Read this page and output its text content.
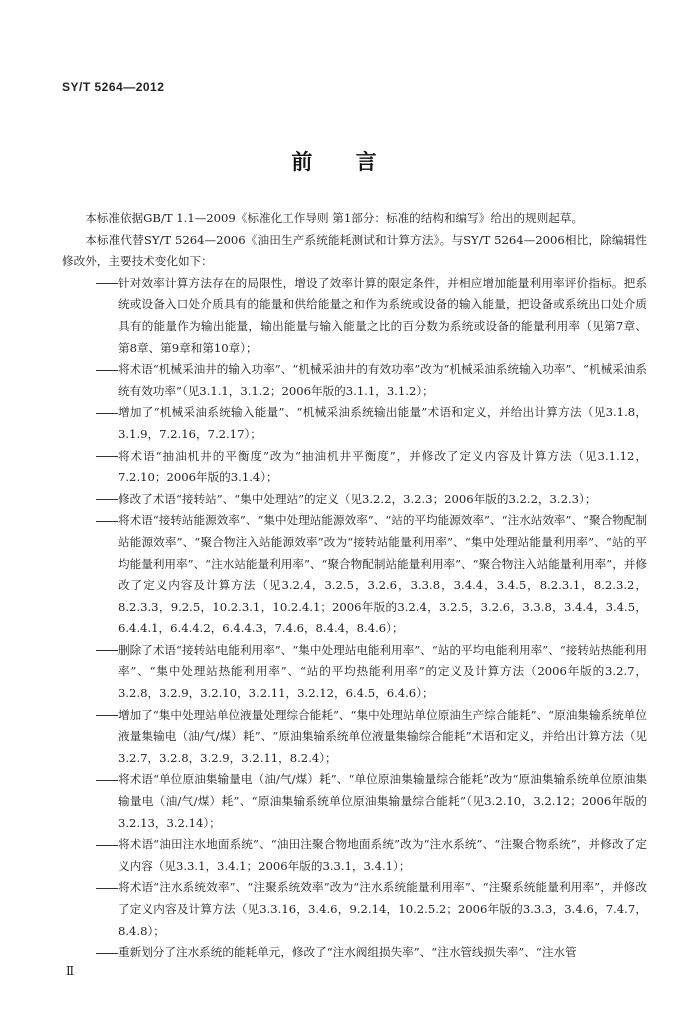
SY/T 5264—2012
前 言

本标准依据GB/T 1.1—2009《标准化工作导则 第1部分：标准的结构和编写》给出的规则起草。

本标准代替SY/T 5264—2006《油田生产系统能耗测试和计算方法》。与SY/T 5264—2006相比，除编辑性修改外，主要技术变化如下：

针对效率计算方法存在的局限性，增设了效率计算的限定条件，并相应增加能量利用率评价指标。把系统或设备入口处介质具有的能量和供给能量之和作为系统或设备的输入能量，把设备或系统出口处介质具有的能量作为输出能量，输出能量与输入能量之比的百分数为系统或设备的能量利用率（见第7章、第8章、第9章和第10章）；

将术语“机械采油井的输入功率”、“机械采油井的有效功率”改为“机械采油系统输入功率”、“机械采油系统有效功率”（见3.1.1，3.1.2；2006年版的3.1.1，3.1.2）；

增加了“机械采油系统输入能量”、“机械采油系统输出能量”术语和定义，并给出计算方法（见3.1.8，3.1.9，7.2.16，7.2.17）；

将术语“抽油机井的平衡度”改为“抽油机井平衡度”，并修改了定义内容及计算方法（见3.1.12，7.2.10；2006年版的3.1.4）；

修改了术语“接转站”、“集中处理站”的定义（见3.2.2，3.2.3；2006年版的3.2.2，3.2.3）；

将术语“接转站能源效率”、“集中处理站能源效率”、“站的平均能源效率”、“注水站效率”、“聚合物配制站能源效率”、“聚合物注入站能源效率”改为“接转站能量利用率”、“集中处理站能量利用率”、“站的平均能量利用率”、“注水站能量利用率”、“聚合物配制站能量利用率”、“聚合物注入站能量利用率”，并修改了定义内容及计算方法（见3.2.4，3.2.5，3.2.6，3.3.8，3.4.4，3.4.5，8.2.3.1，8.2.3.2，8.2.3.3，9.2.5，10.2.3.1，10.2.4.1；2006年版的3.2.4，3.2.5，3.2.6，3.3.8，3.4.4，3.4.5，6.4.4.1，6.4.4.2，6.4.4.3，7.4.6，8.4.4，8.4.6）；

删除了术语“接转站电能利用率”、“集中处理站电能利用率”、“站的平均电能利用率”、“接转站热能利用率”、“集中处理站热能利用率”、“站的平均热能利用率”的定义及计算方法（2006年版的3.2.7，3.2.8，3.2.9，3.2.10，3.2.11，3.2.12，6.4.5，6.4.6）；

增加了“集中处理站单位液量处理综合能耗”、“集中处理站单位原油生产综合能耗”、“原油集输系统单位液量集输电（油/气/煤）耗”、“原油集输系统单位液量集输综合能耗”术语和定义，并给出计算方法（见3.2.7，3.2.8，3.2.9，3.2.11，8.2.4）；

将术语“单位原油集输量电（油/气/煤）耗”、“单位原油集输量综合能耗”改为“原油集输系统单位原油集输量电（油/气/煤）耗”、“原油集输系统单位原油集输量综合能耗”（见3.2.10，3.2.12；2006年版的3.2.13，3.2.14）；

将术语“油田注水地面系统”、“油田注聚合物地面系统”改为“注水系统”、“注聚合物系统”，并修改了定义内容（见3.3.1，3.4.1；2006年版的3.3.1，3.4.1）；

将术语“注水系统效率”、“注聚系统效率”改为“注水系统能量利用率”、“注聚系统能量利用率”，并修改了定义内容及计算方法（见3.3.16，3.4.6，9.2.14，10.2.5.2；2006年版的3.3.3，3.4.6，7.4.7，8.4.8）；

重新划分了注水系统的能耗单元，修改了“注水阀组损失率”、“注水管线损失率”、“注水管

Ⅱ
